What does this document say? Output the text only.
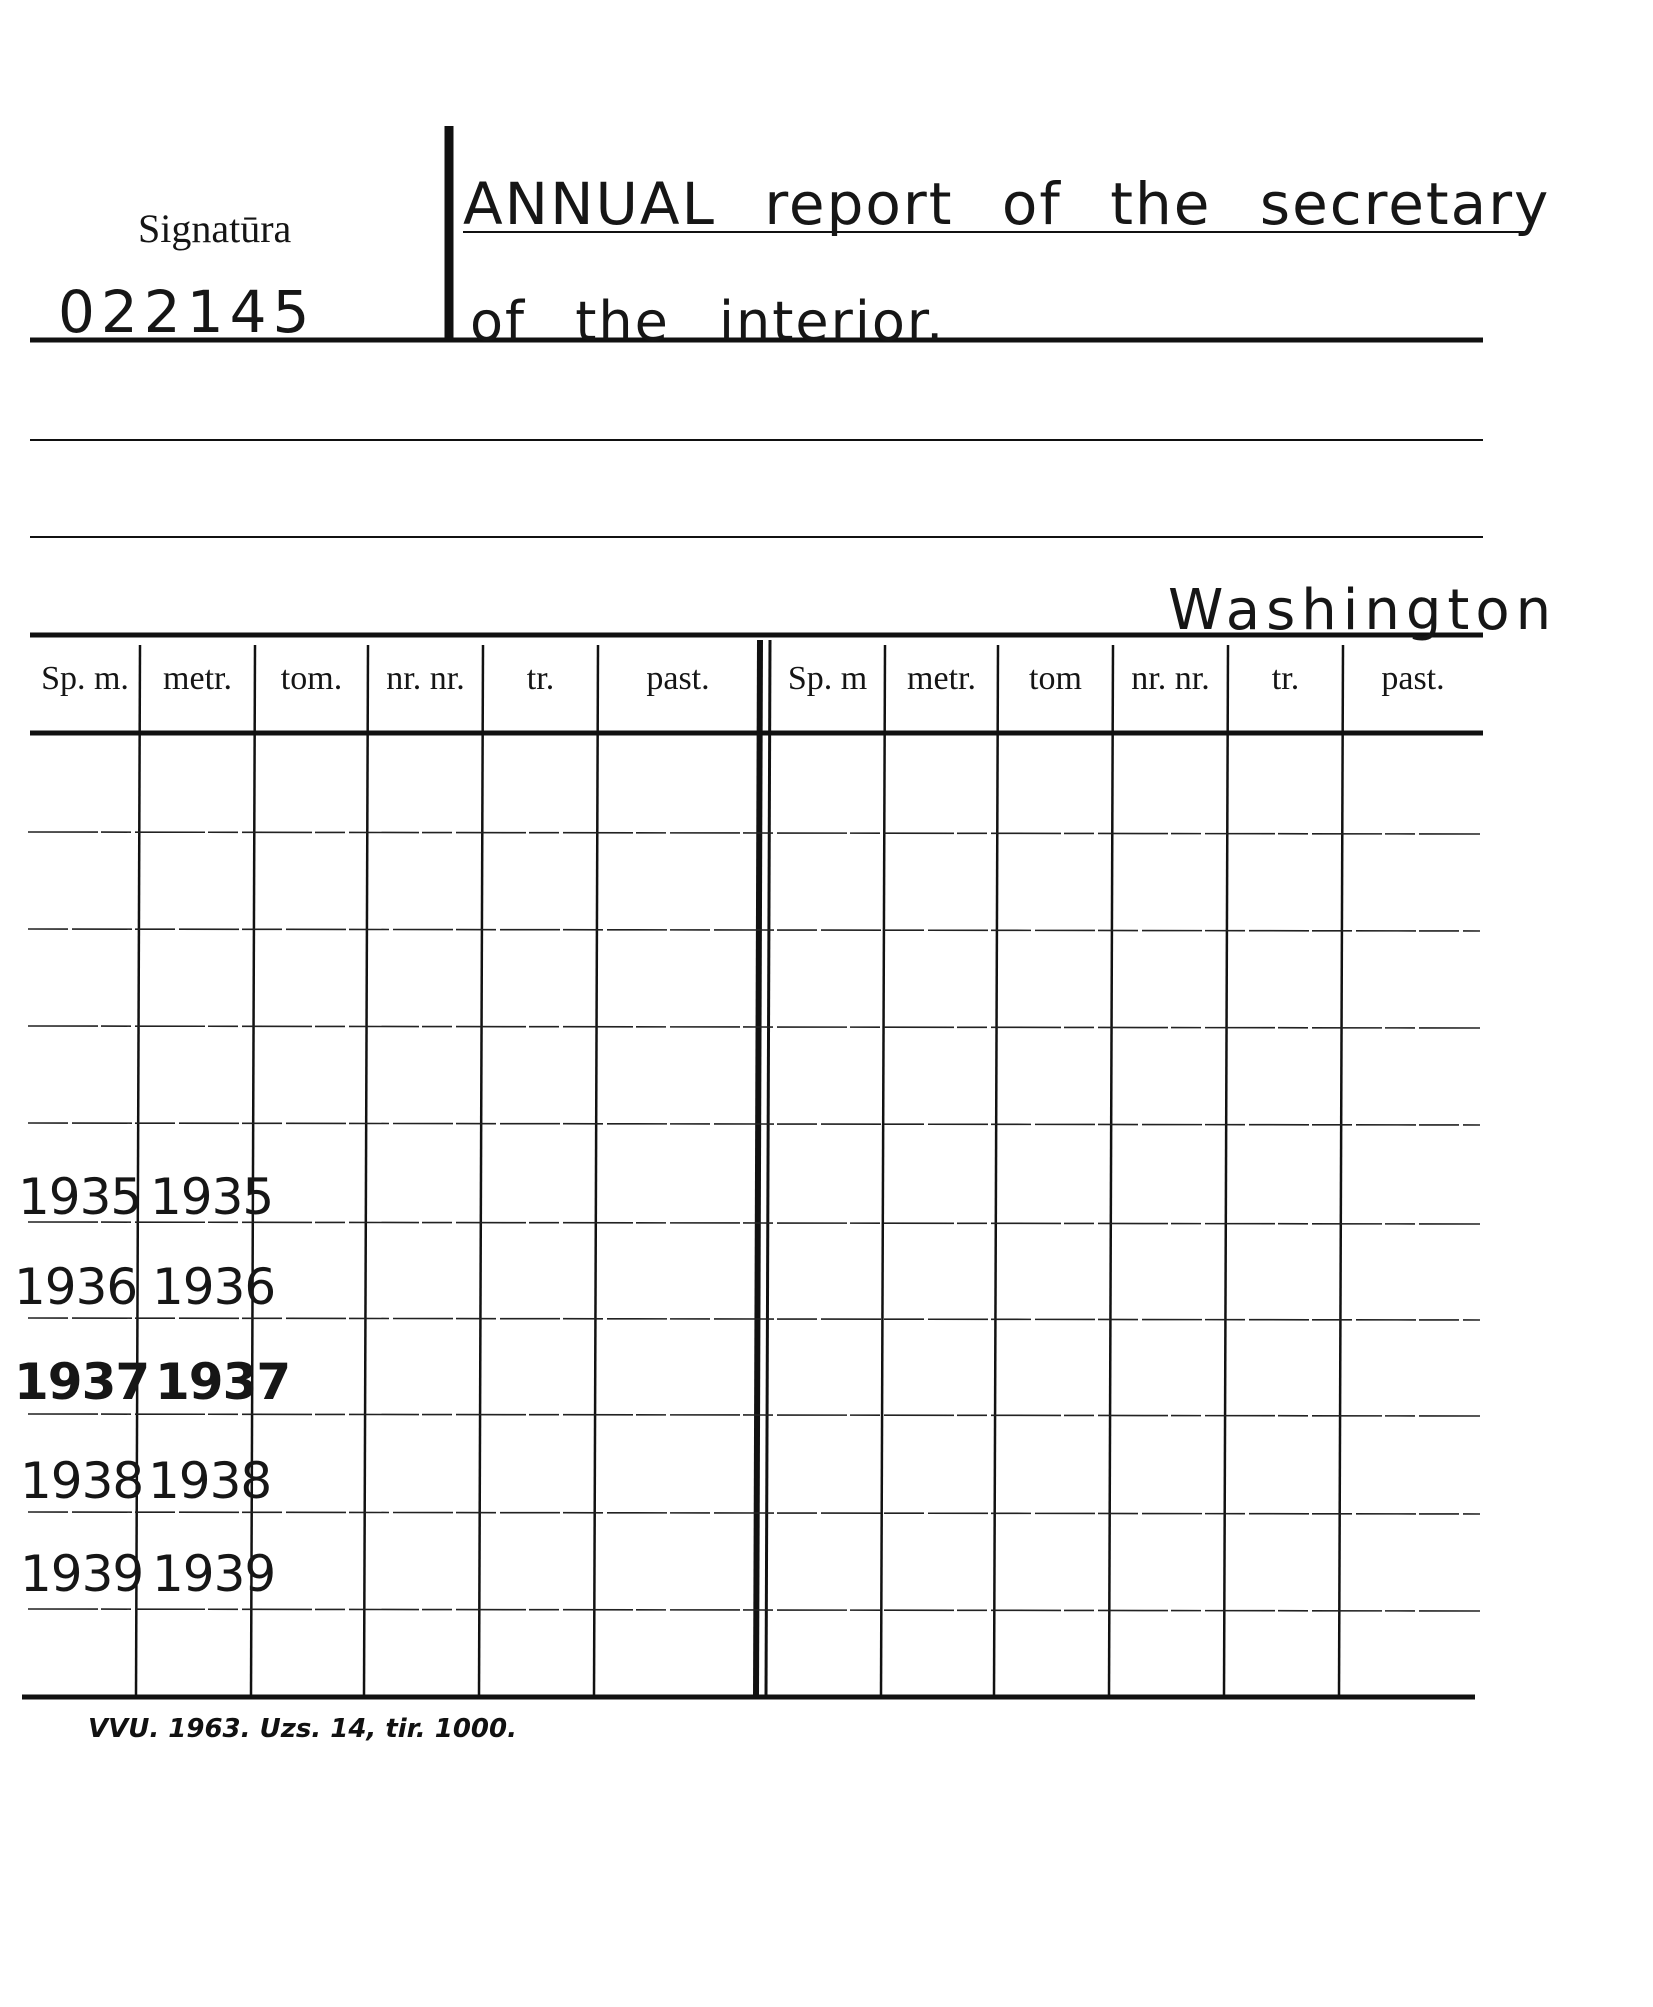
Signatūra
022145
ANNUAL report of the secretary
of the interior.
Washington
Sp. m.	metr.	tom.	nr. nr.	tr.	past.	Sp. m	metr.	tom	nr. nr.	tr.	past.
1935 1935
1936 1936
1937 1937
1938 1938
1939 1939
VVU. 1963. Uzs. 14, tir. 1000.
